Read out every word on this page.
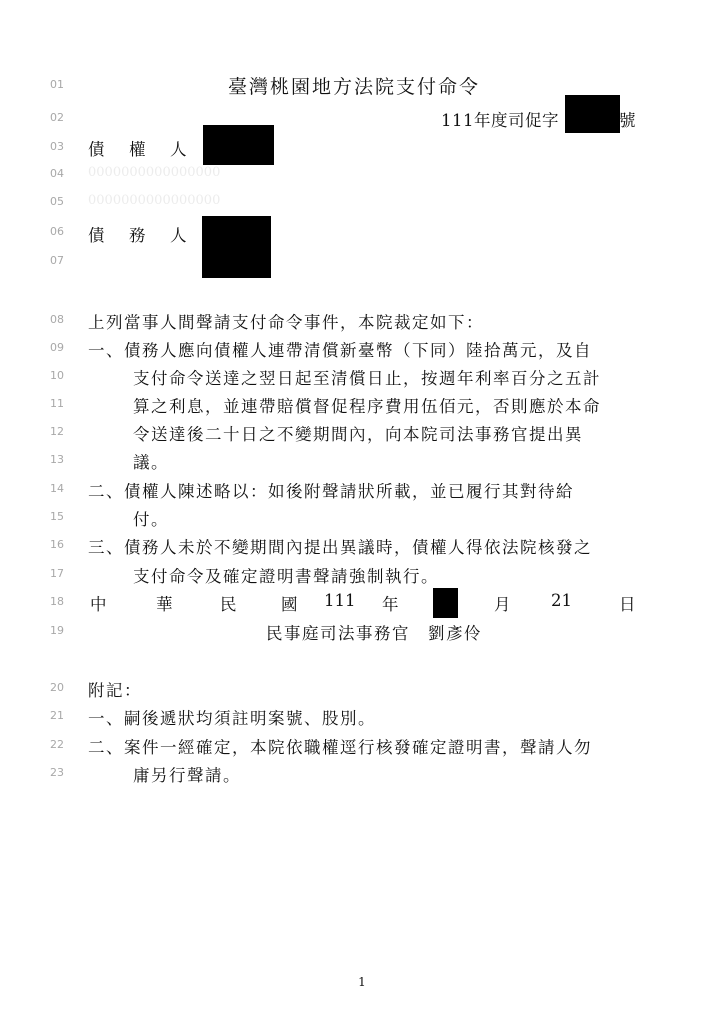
01
02
03
04
05
06
07
08
09
10
11
12
13
14
15
16
17
18
19
20
21
22
23
臺灣桃園地方法院支付命令
111年度司促字	號
債　權　人
0000000000000000
0000000000000000
債　務　人
上列當事人間聲請支付命令事件，本院裁定如下：
一、債務人應向債權人連帶清償新臺幣（下同）陸拾萬元，及自
支付命令送達之翌日起至清償日止，按週年利率百分之五計
算之利息，並連帶賠償督促程序費用伍佰元，否則應於本命
令送達後二十日之不變期間內，向本院司法事務官提出異
議。
二、債權人陳述略以：如後附聲請狀所載，並已履行其對待給
付。
三、債務人未於不變期間內提出異議時，債權人得依法院核發之
支付命令及確定證明書聲請強制執行。
中	華	民	國 111 年	月 21	日
民事庭司法事務官　劉彥伶
附記：
一、嗣後遞狀均須註明案號、股別。
二、案件一經確定，本院依職權逕行核發確定證明書，聲請人勿
庸另行聲請。
1
